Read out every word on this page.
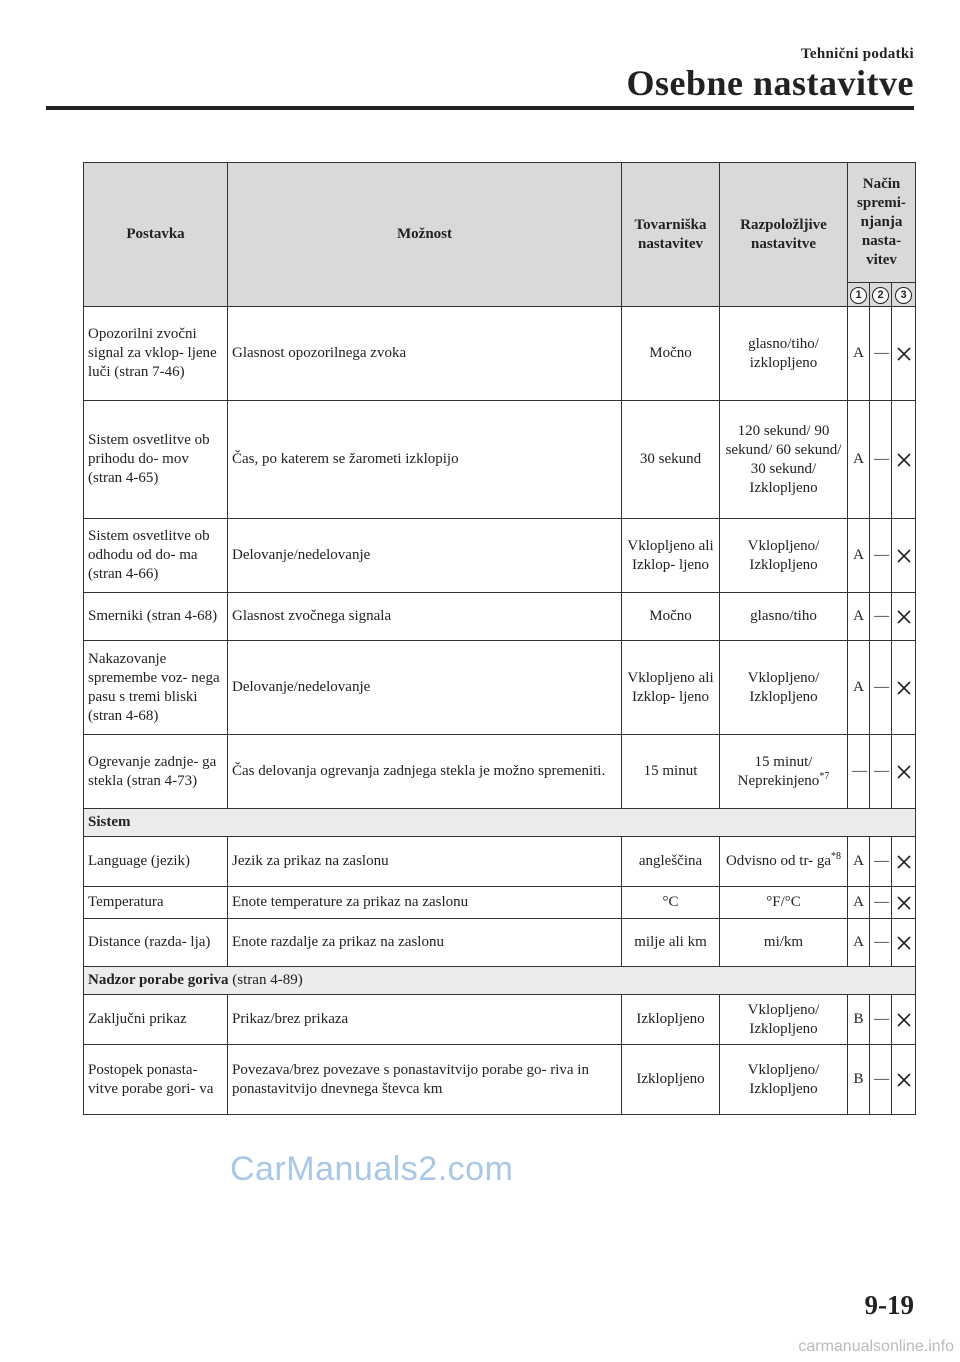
Tehnični podatki
Osebne nastavitve
Postavka	Možnost	Tovarniška nastavitev	Razpoložljive nastavitve	Način spremi- njanja nasta- vitev		
				1	2	3
Opozorilni zvočni signal za vklop- ljene luči (stran 7-46)	Glasnost opozorilnega zvoka	Močno	glasno/tiho/ izklopljeno	A	—	
Sistem osvetlitve ob prihodu do- mov (stran 4-65)	Čas, po katerem se žarometi izklopijo	30 sekund	120 sekund/ 90 sekund/ 60 sekund/ 30 sekund/ Izklopljeno	A	—	
Sistem osvetlitve ob odhodu od do- ma (stran 4-66)	Delovanje/nedelovanje	Vklopljeno ali Izklop- ljeno	Vklopljeno/ Izklopljeno	A	—	
Smerniki (stran 4-68)	Glasnost zvočnega signala	Močno	glasno/tiho	A	—	
Nakazovanje spremembe voz- nega pasu s tremi bliski (stran 4-68)	Delovanje/nedelovanje	Vklopljeno ali Izklop- ljeno	Vklopljeno/ Izklopljeno	A	—	
Ogrevanje zadnje- ga stekla (stran 4-73)	Čas delovanja ogrevanja zadnjega stekla je možno spremeniti.	15 minut	15 minut/ Neprekinjeno$^{*7}$	—	—	
Sistem						
Language (jezik)	Jezik za prikaz na zaslonu	angleščina	Odvisno od tr- $ga^{*8}$	A	—	
Temperatura	Enote temperature za prikaz na zaslonu	°C	°F/°C	A	—	
Distance (razda- lja)	Enote razdalje za prikaz na zaslonu	milje ali km	mi/km	A	—	
Nadzor porabe goriva (stran 4-89)						
Zaključni prikaz	Prikaz/brez prikaza	Izklopljeno	Vklopljeno/ Izklopljeno	B	—	
Postopek ponasta- vitve porabe gori- va	Povezava/brez povezave s ponastavitvijo porabe go- riva in ponastavitvijo dnevnega števca km	Izklopljeno	Vklopljeno/ Izklopljeno	B	—	
CarManuals2.com
9-19
carmanualsonline.info
